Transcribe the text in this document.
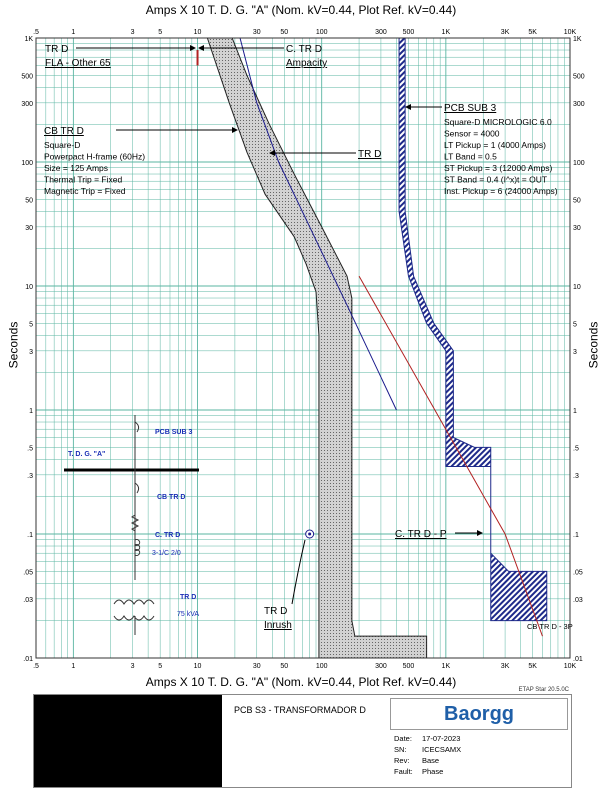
Amps X 10 T. D. G. "A" (Nom. kV=0.44, Plot Ref. kV=0.44)
Seconds	Seconds
.5
.5
1
1
3
3
5
5
10
10
30
30
50
50
100
100
300
300
500
500
1K
1K
3K
3K
5K
5K
10K
10K
1K	1K
500	500
300	300
100	100
50	50
30	30
10	10
5	5
3	3
1	1
.5	.5
.3	.3
.1	.1
.05	.05
.03	.03
.01	.01
TR D
FLA - Other 65
C. TR D
Ampacity
PCB SUB 3
Square-D MICROLOGIC 6.0
Sensor = 4000
LT Pickup = 1 (4000 Amps)
LT Band = 0.5
ST Pickup = 3 (12000 Amps)
ST Band = 0.4 (I^x)t = OUT
Inst. Pickup = 6 (24000 Amps)
CB TR D
Square-D
Powerpact H-frame (60Hz)
Size = 125 Amps
Thermal Trip = Fixed
Magnetic Trip = Fixed
TR D
C. TR D - P
TR D
Inrush	CB TR D - 3P
T. D. G. "A"
PCB SUB 3
CB TR D
C. TR D
3-1/C 2/0
TR D
75 kVA
Amps X 10 T. D. G. "A" (Nom. kV=0.44, Plot Ref. kV=0.44)
ETAP Star 20.5.0C
PCB S3 - TRANSFORMADOR D	Baorgg
Date: 17-07-2023
SN: ICECSAMX
Rev: Base
Fault: Phase
